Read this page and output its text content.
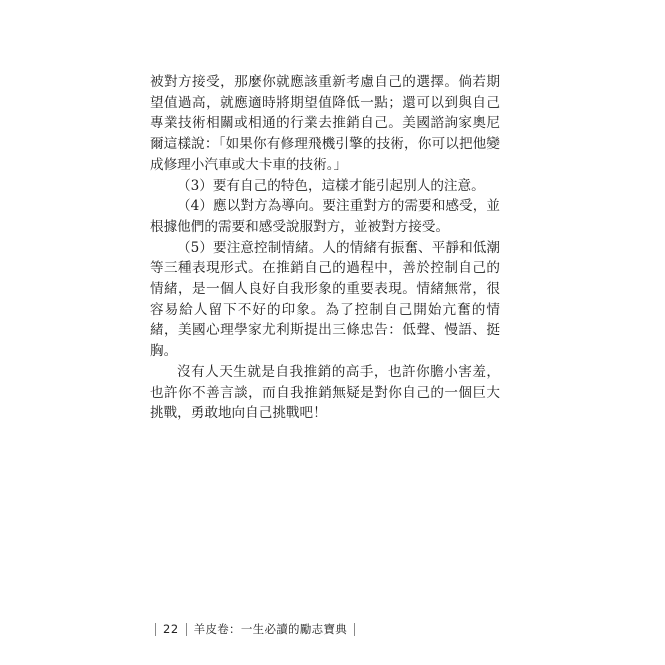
被對方接受，那麼你就應該重新考慮自己的選擇。倘若期望值過高，就應適時將期望值降低一點；還可以到與自己專業技術相關或相通的行業去推銷自己。美國諮詢家奧尼爾這樣說：「如果你有修理飛機引擎的技術，你可以把他變成修理小汽車或大卡車的技術。」

（3）要有自己的特色，這樣才能引起別人的注意。

（4）應以對方為導向。要注重對方的需要和感受，並根據他們的需要和感受說服對方，並被對方接受。

（5）要注意控制情緒。人的情緒有振奮、平靜和低潮等三種表現形式。在推銷自己的過程中，善於控制自己的情緒，是一個人良好自我形象的重要表現。情緒無常，很容易給人留下不好的印象。為了控制自己開始亢奮的情緒，美國心理學家尤利斯提出三條忠告：低聲、慢語、挺胸。

沒有人天生就是自我推銷的高手，也許你膽小害羞，也許你不善言談，而自我推銷無疑是對你自己的一個巨大挑戰，勇敢地向自己挑戰吧！

22 羊皮卷：一生必讀的勵志寶典
